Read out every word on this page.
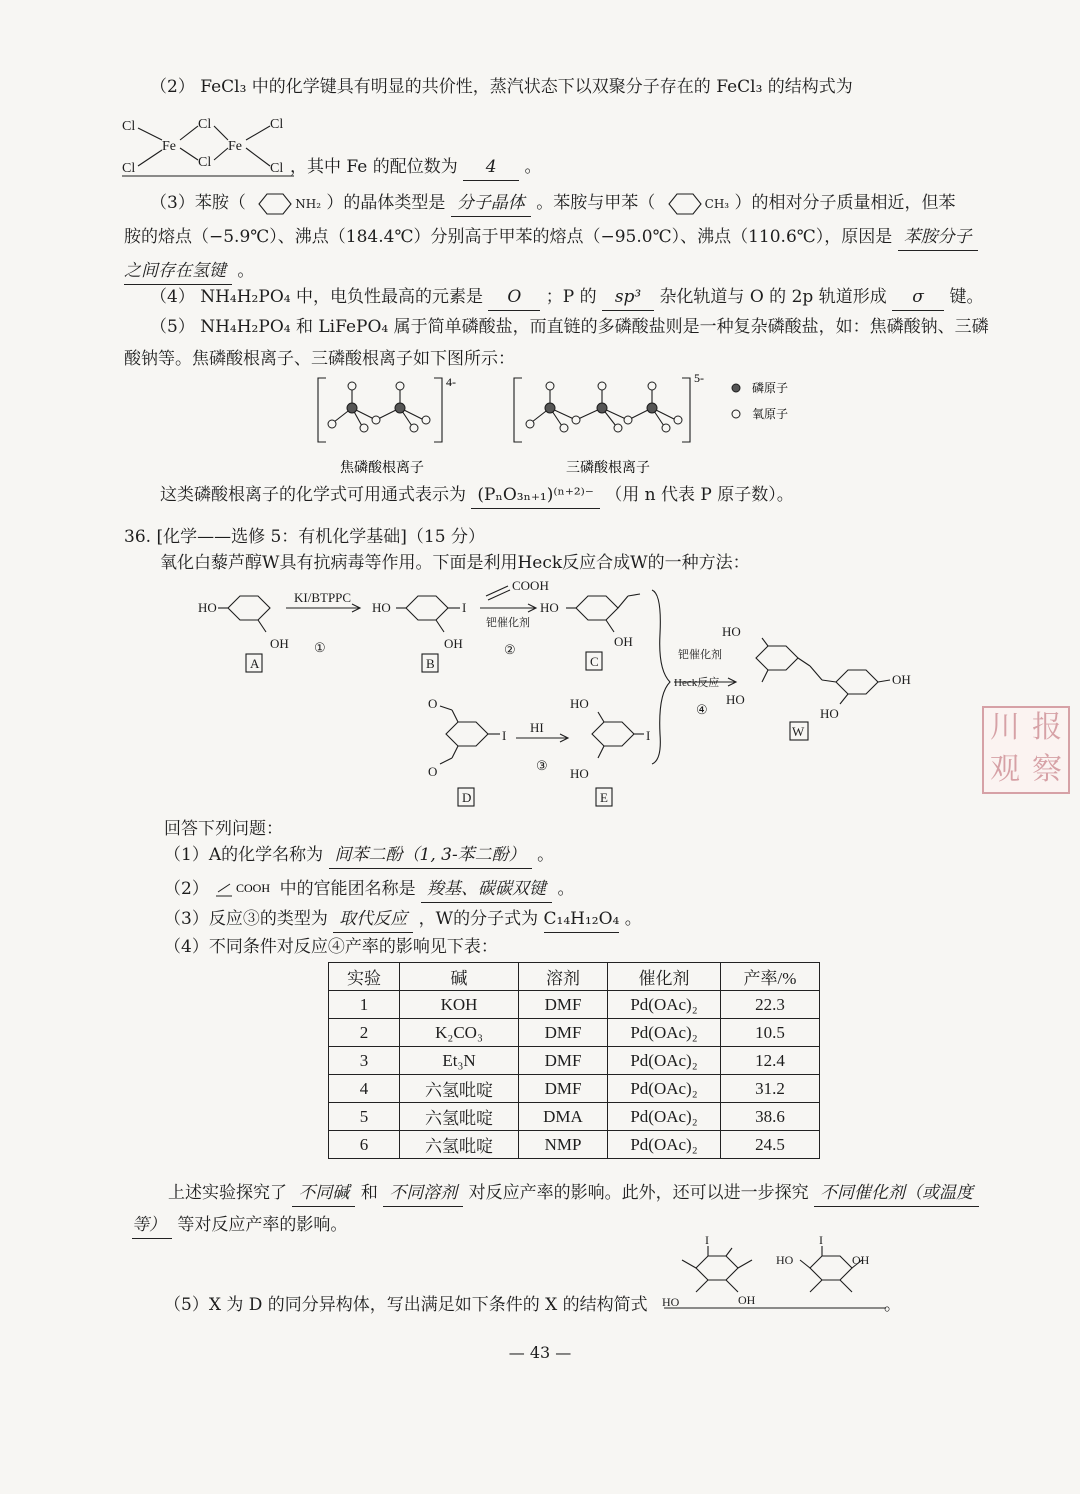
（2） FeCl₃ 中的化学键具有明显的共价性，蒸汽状态下以双聚分子存在的 FeCl₃ 的结构式为
Cl
Cl
Cl
Cl
Cl
Cl
Fe	Fe
，其中 Fe 的配位数为 4 。
（3）苯胺（	NH₂ ）的晶体类型是 分子晶体 。苯胺与甲苯（	CH₃ ）的相对分子质量相近，但苯
胺的熔点（−5.9℃）、沸点（184.4℃）分别高于甲苯的熔点（−95.0℃）、沸点（110.6℃），原因是 苯胺分子
之间存在氢键 。
（4） NH₄H₂PO₄ 中，电负性最高的元素是 O ；P 的 sp³ 杂化轨道与 O 的 2p 轨道形成 σ 键。
（5） NH₄H₂PO₄ 和 LiFePO₄ 属于简单磷酸盐，而直链的多磷酸盐则是一种复杂磷酸盐，如：焦磷酸钠、三磷
酸钠等。焦磷酸根离子、三磷酸根离子如下图所示：
4-	5-
磷原子
氧原子
焦磷酸根离子	三磷酸根离子
这类磷酸根离子的化学式可用通式表示为 (PₙO₃ₙ₊₁)⁽ⁿ⁺²⁾⁻ （用 n 代表 P 原子数）。
36. [化学——选修 5：有机化学基础]（15 分）
氧化白藜芦醇W具有抗病毒等作用。下面是利用Heck反应合成W的一种方法：
HO
OH
KI/BTPPC
①
HO	I
OH
COOH
钯催化剂
②
HO
OH
钯催化剂
Heck反应
④
HO
HO
OH
HO
O
O
I
HI
③
HO
HO
I
A	B	C
D	E
W
回答下列问题：
（1）A的化学名称为 间苯二酚（1, 3-苯二酚） 。
（2） COOH 中的官能团名称是 羧基、碳碳双键 。
（3）反应③的类型为 取代反应 ，W的分子式为 C₁₄H₁₂O₄ 。
（4）不同条件对反应④产率的影响见下表：
实验	碱	溶剂	催化剂	产率/%
1	KOH	DMF	Pd(OAc)₂	22.3
2	K₂CO₃	DMF	Pd(OAc)₂	10.5
3	Et₃N	DMF	Pd(OAc)₂	12.4
4	六氢吡啶	DMF	Pd(OAc)₂	31.2
5	六氢吡啶	DMA	Pd(OAc)₂	38.6
6	六氢吡啶	NMP	Pd(OAc)₂	24.5
上述实验探究了 不同碱 和 不同溶剂 对反应产率的影响。此外，还可以进一步探究 不同催化剂（或温度
等） 等对反应产率的影响。
I
HO	OH
I
HO	OH
（5）X 为 D 的同分异构体，写出满足如下条件的 X 的结构简式	。
— 43 —
川 报
观 察
